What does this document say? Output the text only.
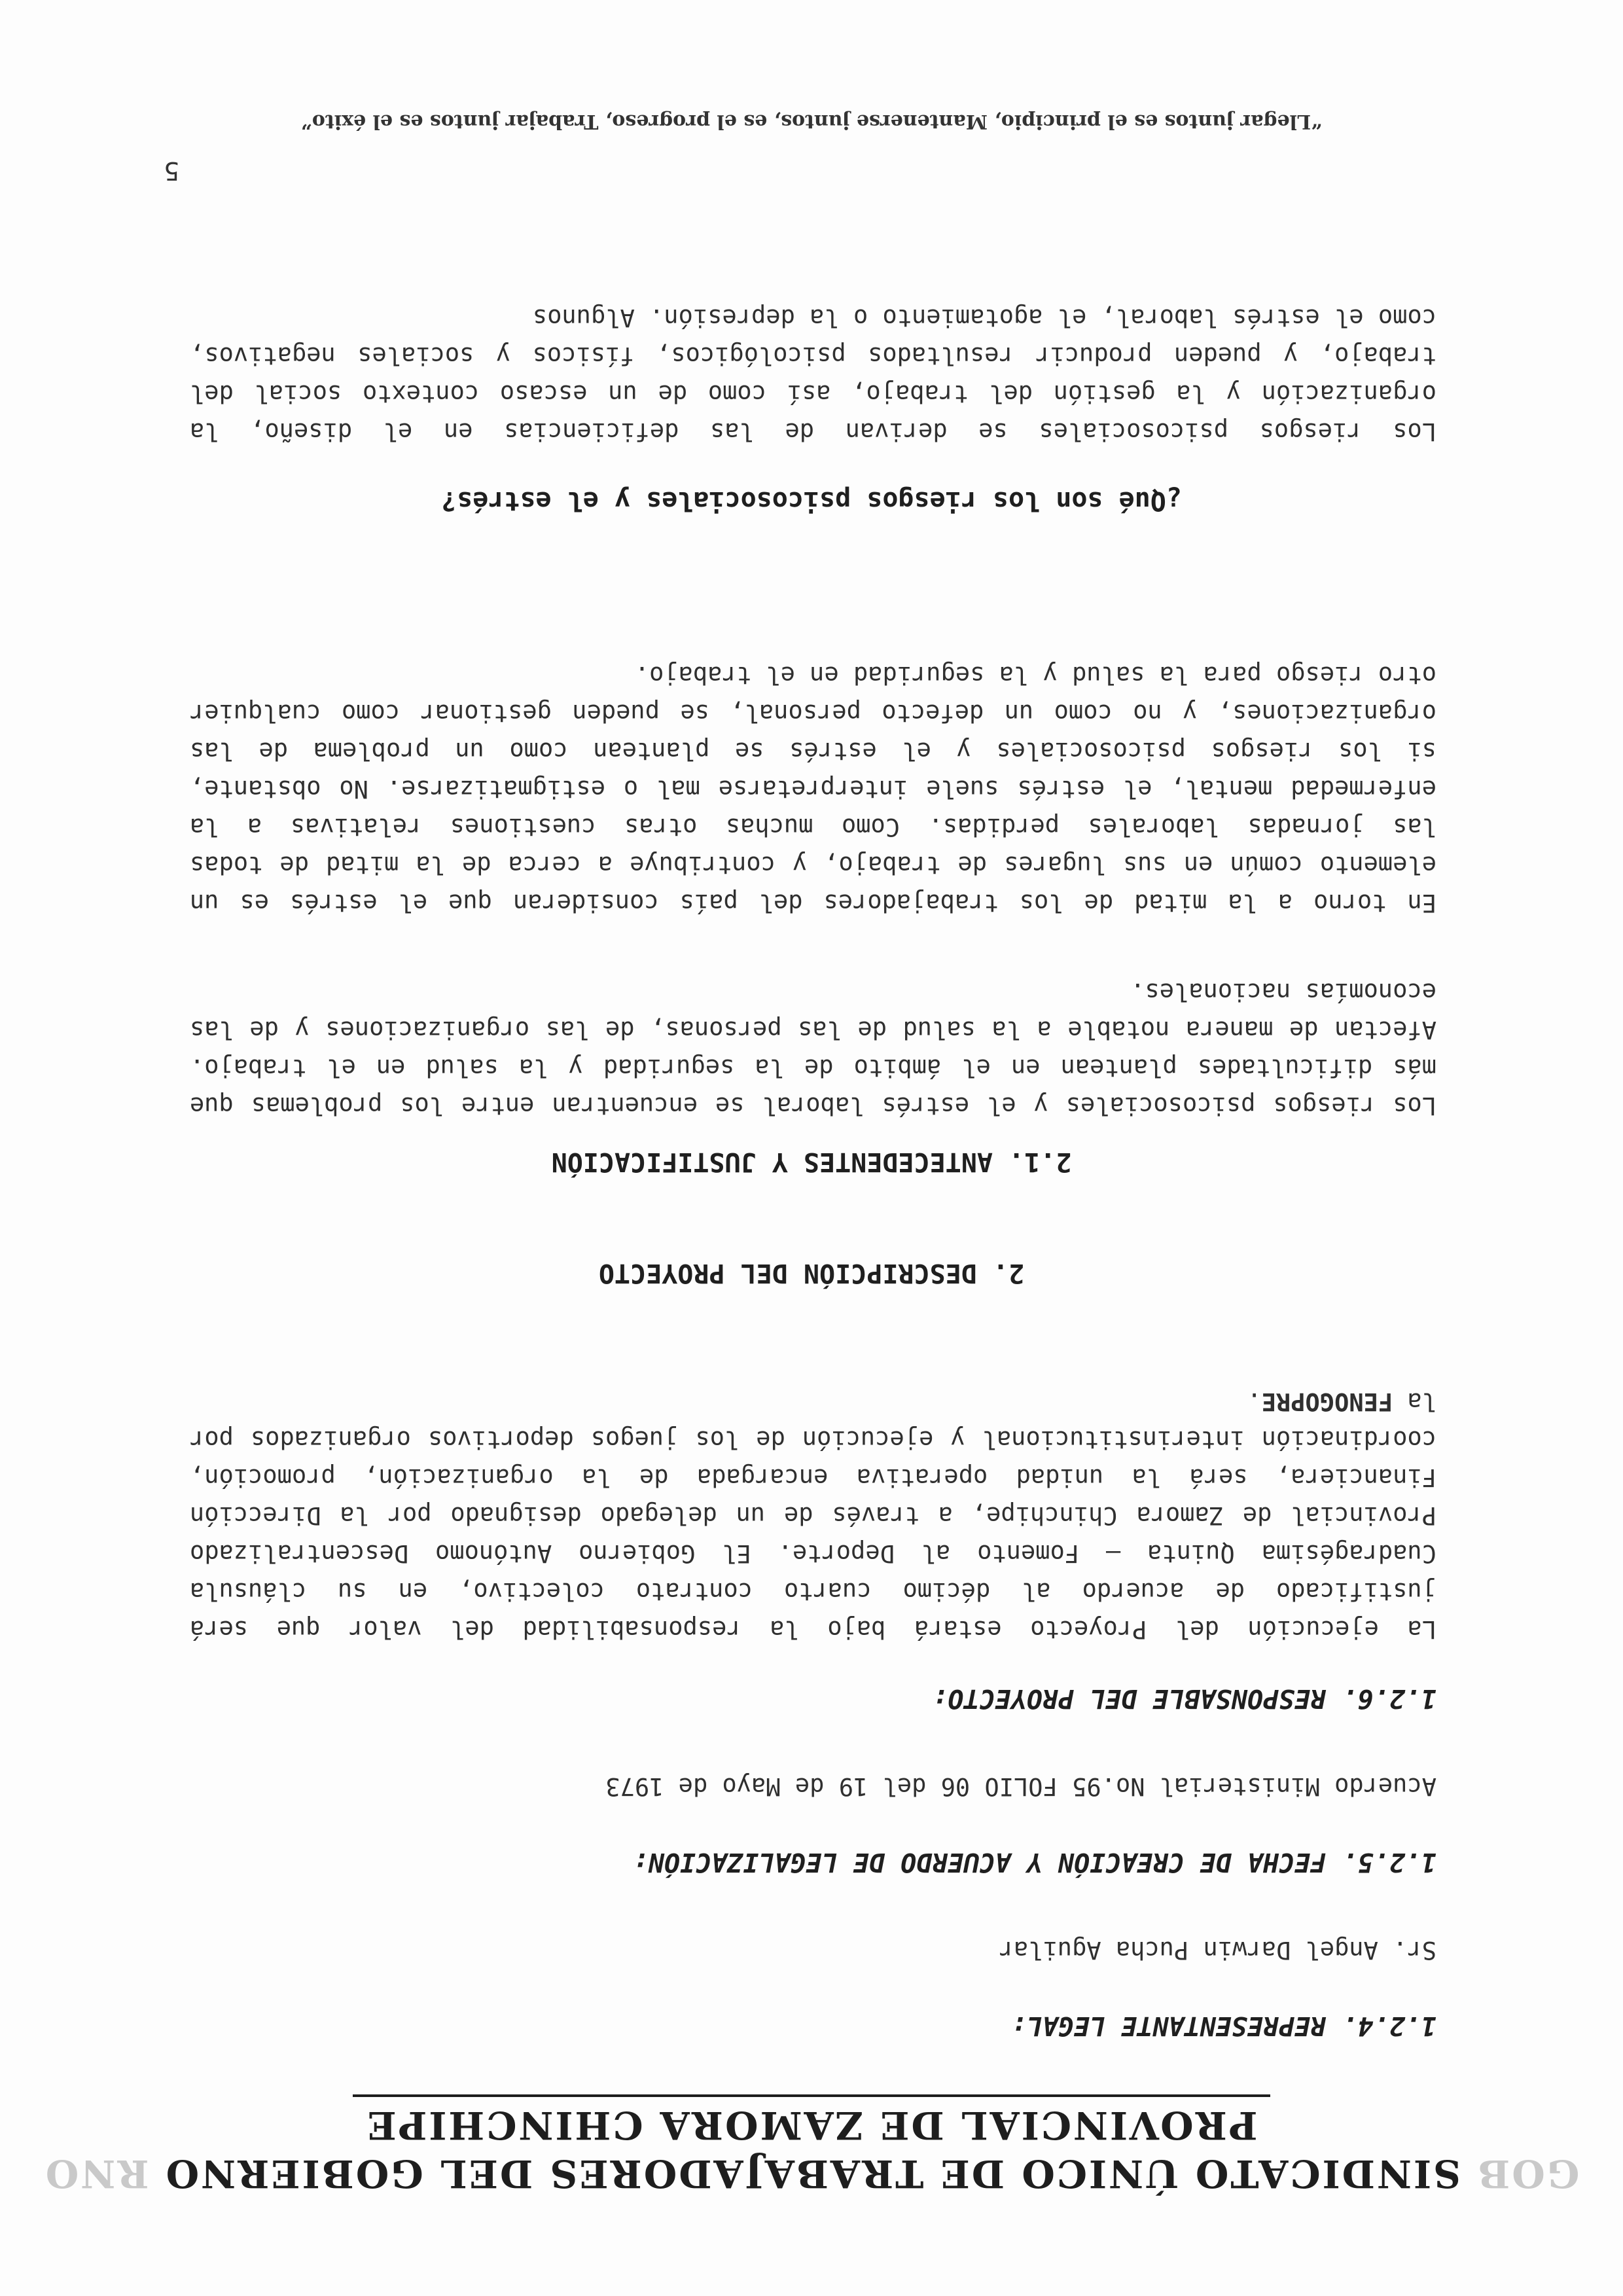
GOB SINDICATO ÚNICO DE TRABAJADORES DEL GOBIERNO RNO
PROVINCIAL DE ZAMORA CHINCHIPE

1.2.4. REPRESENTANTE LEGAL:

Sr. Angel Darwin Pucha Aguilar

1.2.5. FECHA DE CREACIÓN Y ACUERDO DE LEGALIZACIÓN:

Acuerdo Ministerial No.95 FOLIO 06 del 19 de Mayo de 1973

1.2.6. RESPONSABLE DEL PROYECTO:

La ejecución del Proyecto estará bajo la responsabilidad del valor que será justificado de acuerdo al décimo cuarto contrato colectivo, en su cláusula Cuadragésima Quinta – Fomento al Deporte. El Gobierno Autónomo Descentralizado Provincial de Zamora Chinchipe, a través de un delegado designado por la Dirección Financiera, será la unidad operativa encargada de la organización, promoción, coordinación interinstitucional y ejecución de los juegos deportivos organizados por la FENOGOPRE.

2. DESCRIPCIÓN DEL PROYECTO

2.1. ANTECEDENTES Y JUSTIFICACIÓN

Los riesgos psicosociales y el estrés laboral se encuentran entre los problemas que más dificultades plantean en el ámbito de la seguridad y la salud en el trabajo. Afectan de manera notable a la salud de las personas, de las organizaciones y de las economías nacionales.

En torno a la mitad de los trabajadores del país consideran que el estrés es un elemento común en sus lugares de trabajo, y contribuye a cerca de la mitad de todas las jornadas laborales perdidas. Como muchas otras cuestiones relativas a la enfermedad mental, el estrés suele interpretarse mal o estigmatizarse. No obstante, si los riesgos psicosociales y el estrés se plantean como un problema de las organizaciones, y no como un defecto personal, se pueden gestionar como cualquier otro riesgo para la salud y la seguridad en el trabajo.

¿Qué son los riesgos psicosociales y el estrés?

Los riesgos psicosociales se derivan de las deficiencias en el diseño, la organización y la gestión del trabajo, así como de un escaso contexto social del trabajo, y pueden producir resultados psicológicos, físicos y sociales negativos, como el estrés laboral, el agotamiento o la depresión. Algunos

5
“Llegar juntos es el principio, Mantenerse juntos, es el progreso, Trabajar juntos es el éxito”
